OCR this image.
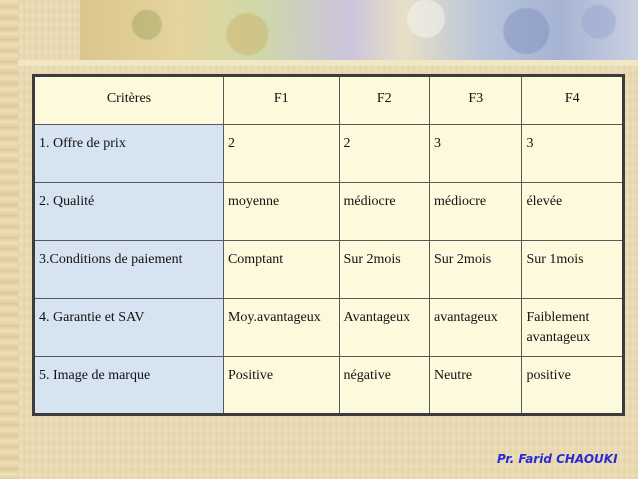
Critères	F1	F2	F3	F4
1. Offre de prix	2	2	3	3
2. Qualité	moyenne	médiocre	médiocre	élevée
3.Conditions de paiement	Comptant	Sur 2mois	Sur 2mois	Sur 1mois
4. Garantie et SAV	Moy.avantageux	Avantageux	avantageux	Faiblement avantageux
5. Image de marque	Positive	négative	Neutre	positive
Pr. Farid CHAOUKI
